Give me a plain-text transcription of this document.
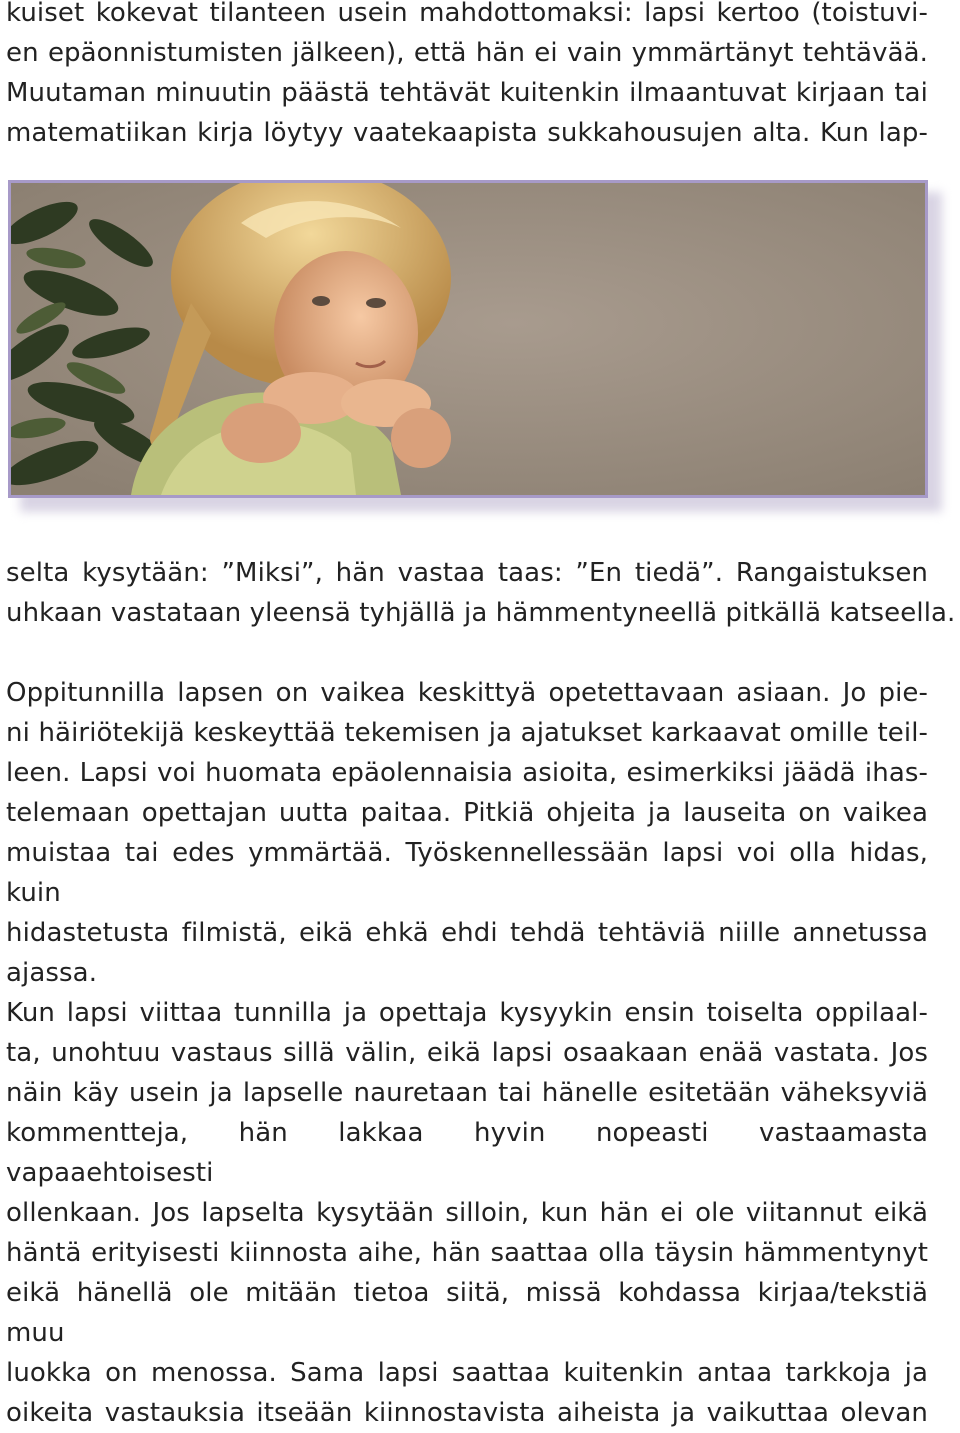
kuiset kokevat tilanteen usein mahdottomaksi: lapsi kertoo (toistuvi-
en epäonnistumisten jälkeen), että hän ei vain ymmärtänyt tehtävää.
Muutaman minuutin päästä tehtävät kuitenkin ilmaantuvat kirjaan tai
matematiikan kirja löytyy vaatekaapista sukkahousujen alta. Kun lap-
selta kysytään: ”Miksi”, hän vastaa taas: ”En tiedä”. Rangaistuksen
uhkaan vastataan yleensä tyhjällä ja hämmentyneellä pitkällä katseella.
Oppitunnilla lapsen on vaikea keskittyä opetettavaan asiaan. Jo pie-
ni häiriötekijä keskeyttää tekemisen ja ajatukset karkaavat omille teil-
leen. Lapsi voi huomata epäolennaisia asioita, esimerkiksi jäädä ihas-
telemaan opettajan uutta paitaa. Pitkiä ohjeita ja lauseita on vaikea
muistaa tai edes ymmärtää. Työskennellessään lapsi voi olla hidas, kuin
hidastetusta filmistä, eikä ehkä ehdi tehdä tehtäviä niille annetussa
ajassa.
Kun lapsi viittaa tunnilla ja opettaja kysyykin ensin toiselta oppilaal-
ta, unohtuu vastaus sillä välin, eikä lapsi osaakaan enää vastata. Jos
näin käy usein ja lapselle nauretaan tai hänelle esitetään väheksyviä
kommentteja, hän lakkaa hyvin nopeasti vastaamasta vapaaehtoisesti
ollenkaan. Jos lapselta kysytään silloin, kun hän ei ole viitannut eikä
häntä erityisesti kiinnosta aihe, hän saattaa olla täysin hämmentynyt
eikä hänellä ole mitään tietoa siitä, missä kohdassa kirjaa/tekstiä muu
luokka on menossa. Sama lapsi saattaa kuitenkin antaa tarkkoja ja
oikeita vastauksia itseään kiinnostavista aiheista ja vaikuttaa olevan
